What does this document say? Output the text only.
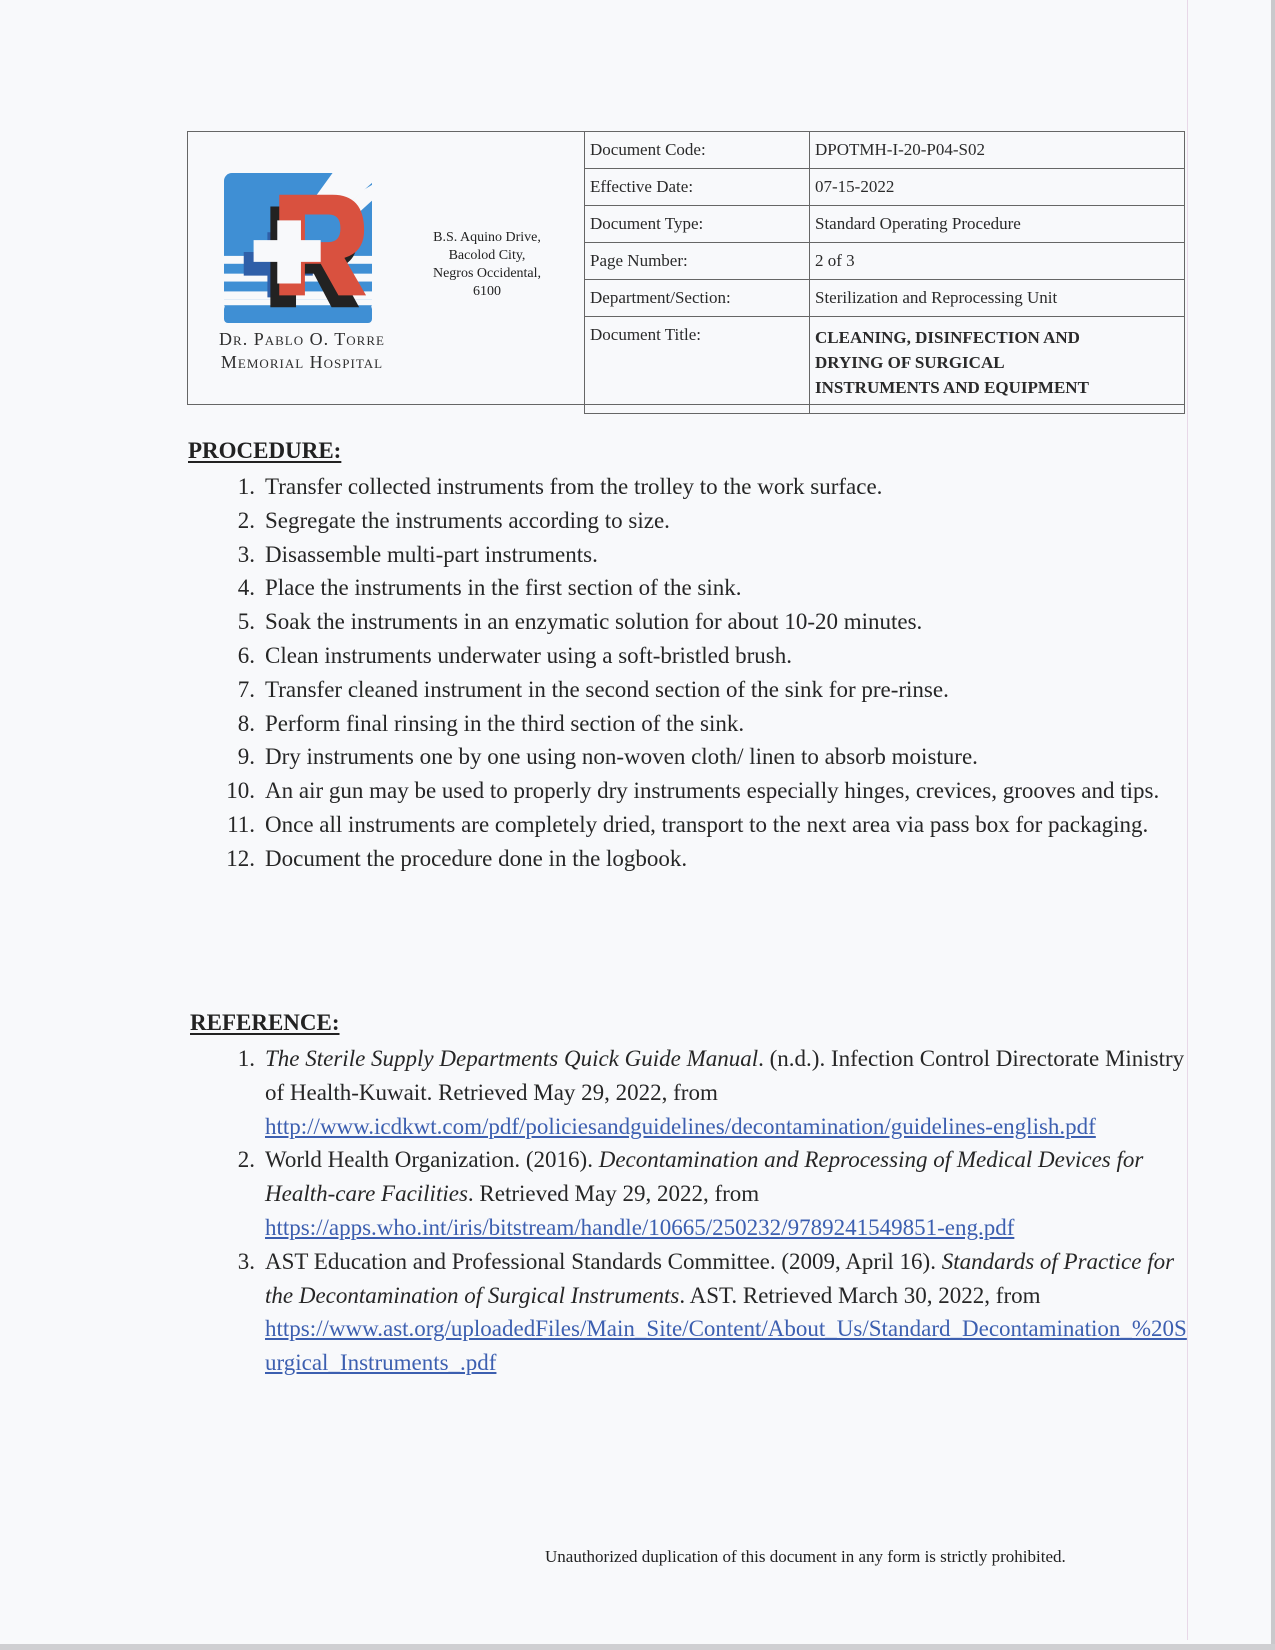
Dr. Pablo O. Torre
Memorial Hospital
B.S. Aquino Drive,
Bacolod City,
Negros Occidental,
6100
Document Code:	DPOTMH-I-20-P04-S02
Effective Date:	07-15-2022
Document Type:	Standard Operating Procedure
Page Number:	2 of 3
Department/Section:	Sterilization and Reprocessing Unit
Document Title:	CLEANING, DISINFECTION AND
DRYING OF SURGICAL
INSTRUMENTS AND EQUIPMENT
PROCEDURE:
1. Transfer collected instruments from the trolley to the work surface.
2. Segregate the instruments according to size.
3. Disassemble multi-part instruments.
4. Place the instruments in the first section of the sink.
5. Soak the instruments in an enzymatic solution for about 10-20 minutes.
6. Clean instruments underwater using a soft-bristled brush.
7. Transfer cleaned instrument in the second section of the sink for pre-rinse.
8. Perform final rinsing in the third section of the sink.
9. Dry instruments one by one using non-woven cloth/ linen to absorb moisture.
10. An air gun may be used to properly dry instruments especially hinges, crevices, grooves and tips.
11. Once all instruments are completely dried, transport to the next area via pass box for packaging.
12. Document the procedure done in the logbook.
REFERENCE:
1. The Sterile Supply Departments Quick Guide Manual. (n.d.). Infection Control Directorate Ministry of Health-Kuwait. Retrieved May 29, 2022, from
http://www.icdkwt.com/pdf/policiesandguidelines/decontamination/guidelines-english.pdf
2. World Health Organization. (2016). Decontamination and Reprocessing of Medical Devices for Health-care Facilities. Retrieved May 29, 2022, from
https://apps.who.int/iris/bitstream/handle/10665/250232/9789241549851-eng.pdf
3. AST Education and Professional Standards Committee. (2009, April 16). Standards of Practice for the Decontamination of Surgical Instruments. AST. Retrieved March 30, 2022, from
https://www.ast.org/uploadedFiles/Main_Site/Content/About_Us/Standard_Decontamination_%20Surgical_Instruments_.pdf
Unauthorized duplication of this document in any form is strictly prohibited.
